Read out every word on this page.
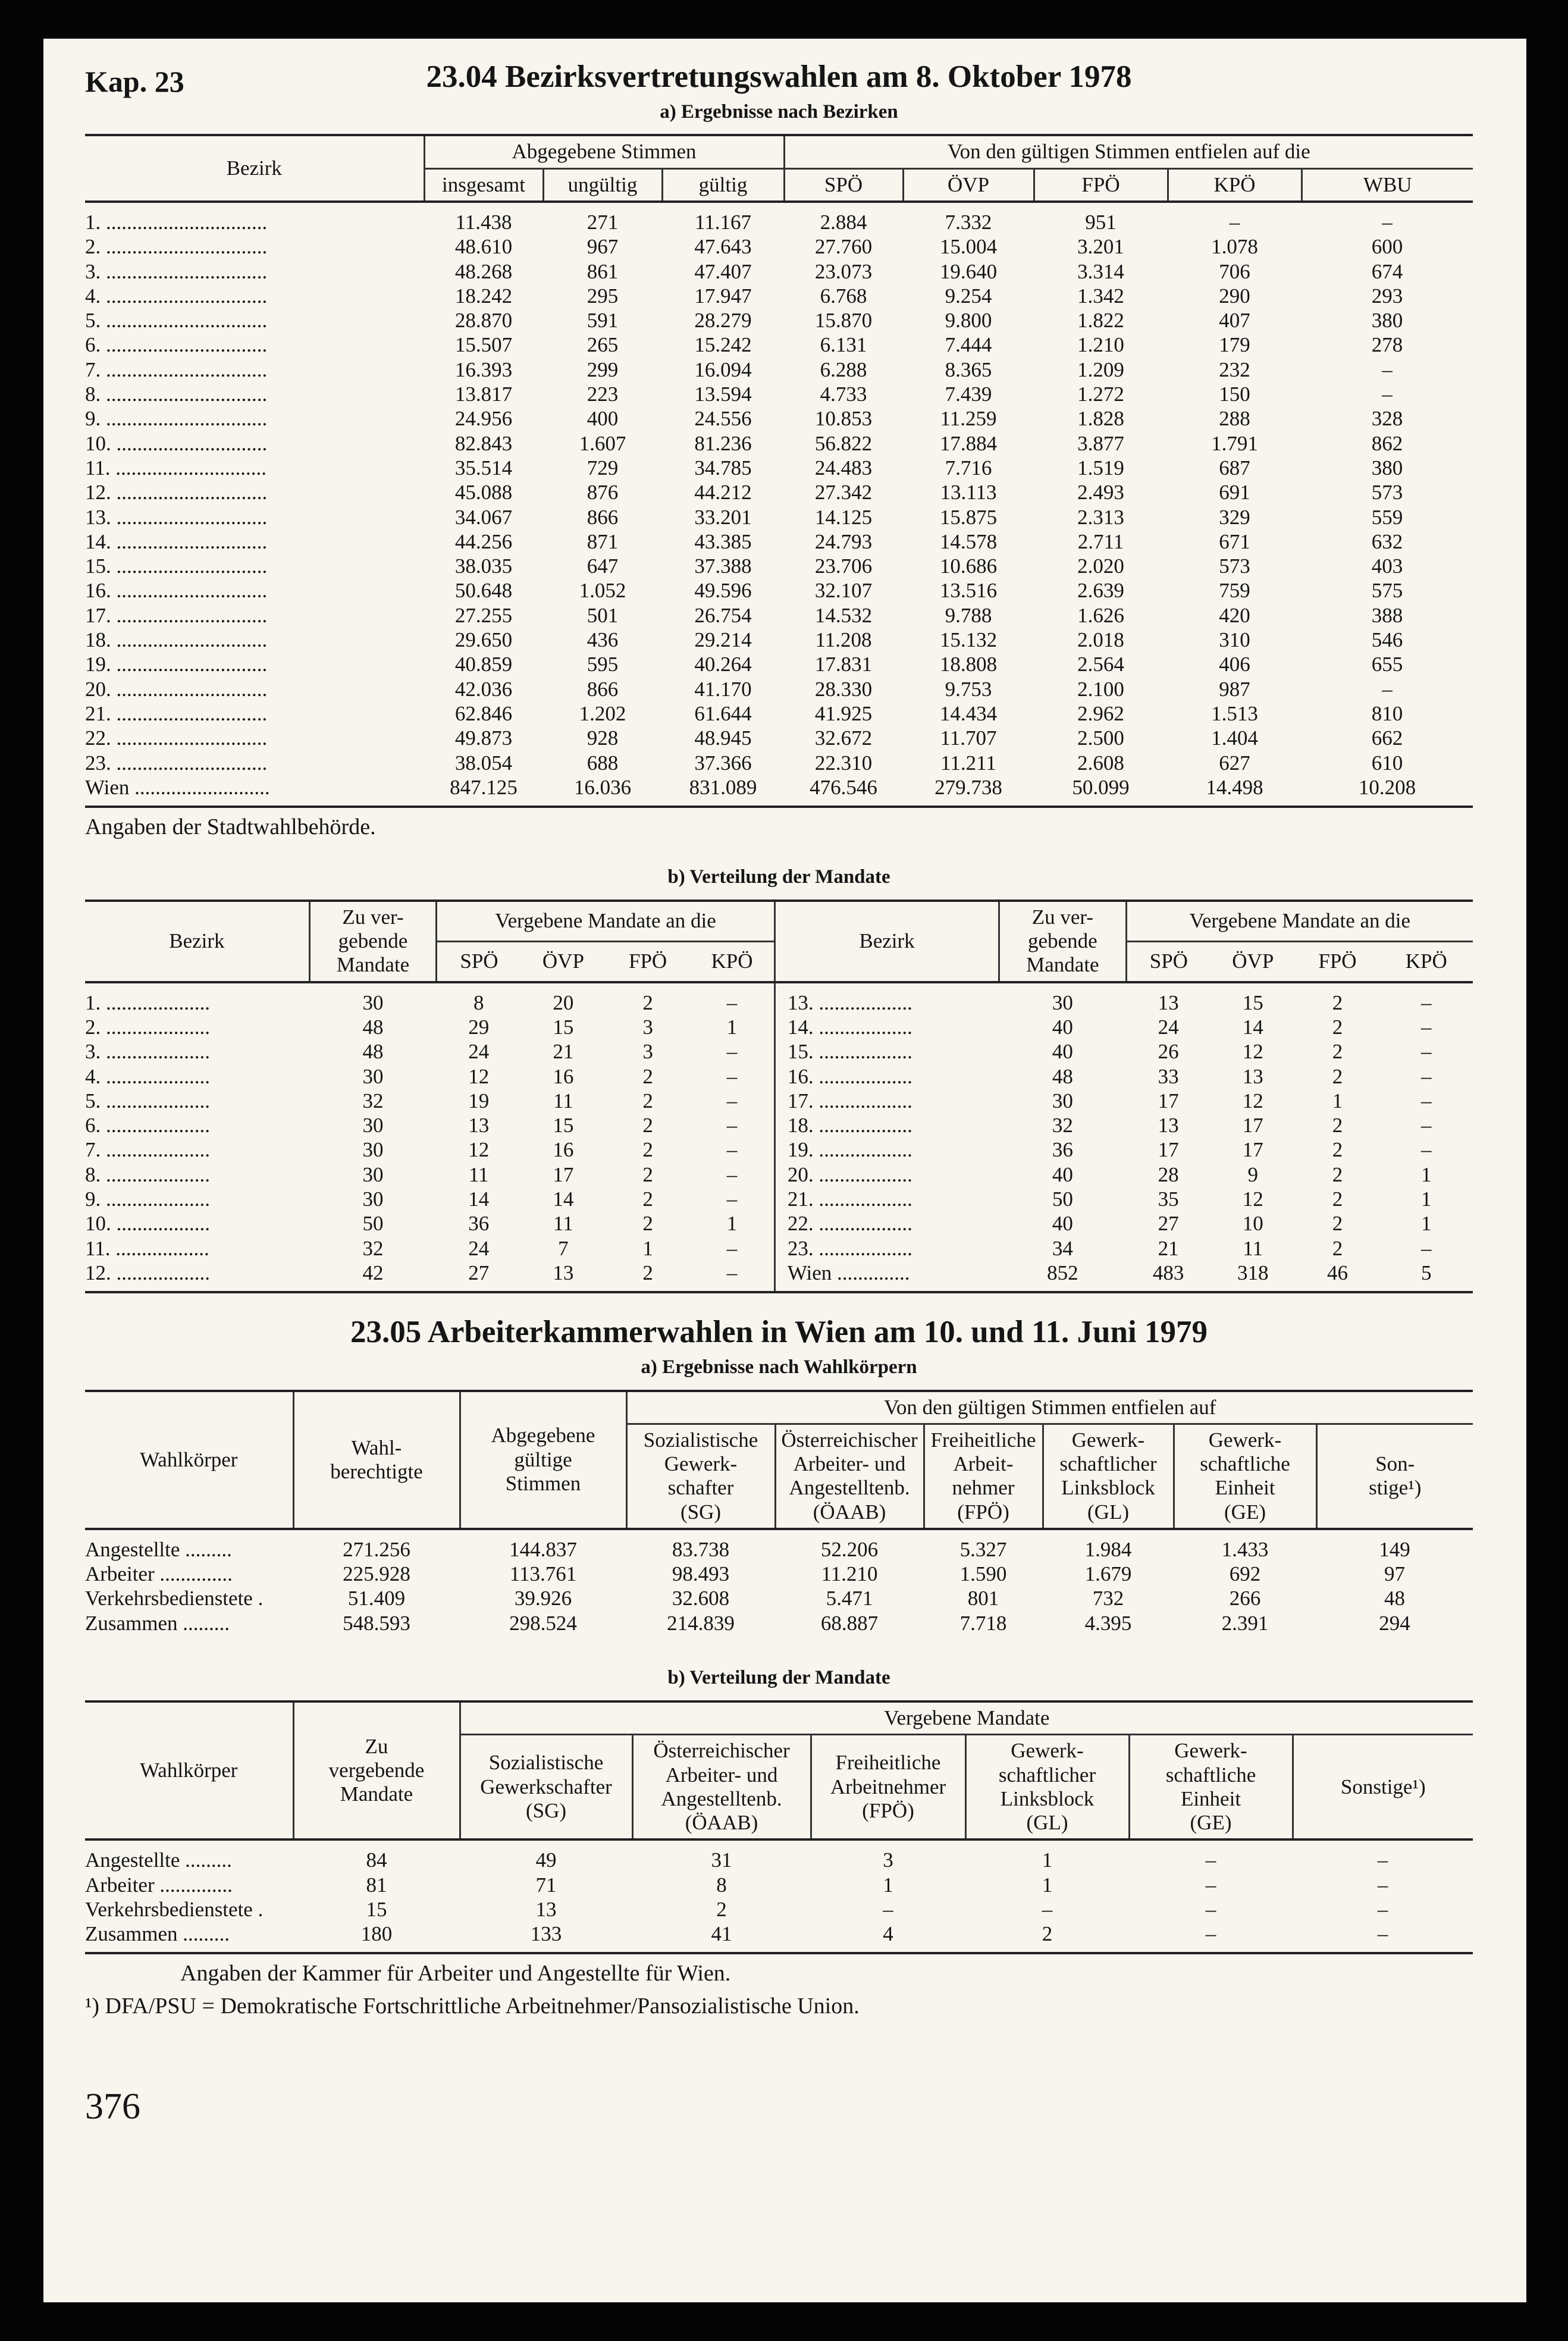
Kap. 23	23.04 Bezirksvertretungswahlen am 8. Oktober 1978
a) Ergebnisse nach Bezirken
Bezirk	Abgegebene Stimmen			Von den gültigen Stimmen entfielen auf die				
	insgesamt	ungültig	gültig	SPÖ	ÖVP	FPÖ	KPÖ	WBU
1. ...............................	11.438	271	11.167	2.884	7.332	951	–	–
2. ...............................	48.610	967	47.643	27.760	15.004	3.201	1.078	600
3. ...............................	48.268	861	47.407	23.073	19.640	3.314	706	674
4. ...............................	18.242	295	17.947	6.768	9.254	1.342	290	293
5. ...............................	28.870	591	28.279	15.870	9.800	1.822	407	380
6. ...............................	15.507	265	15.242	6.131	7.444	1.210	179	278
7. ...............................	16.393	299	16.094	6.288	8.365	1.209	232	–
8. ...............................	13.817	223	13.594	4.733	7.439	1.272	150	–
9. ...............................	24.956	400	24.556	10.853	11.259	1.828	288	328
10. .............................	82.843	1.607	81.236	56.822	17.884	3.877	1.791	862
11. .............................	35.514	729	34.785	24.483	7.716	1.519	687	380
12. .............................	45.088	876	44.212	27.342	13.113	2.493	691	573
13. .............................	34.067	866	33.201	14.125	15.875	2.313	329	559
14. .............................	44.256	871	43.385	24.793	14.578	2.711	671	632
15. .............................	38.035	647	37.388	23.706	10.686	2.020	573	403
16. .............................	50.648	1.052	49.596	32.107	13.516	2.639	759	575
17. .............................	27.255	501	26.754	14.532	9.788	1.626	420	388
18. .............................	29.650	436	29.214	11.208	15.132	2.018	310	546
19. .............................	40.859	595	40.264	17.831	18.808	2.564	406	655
20. .............................	42.036	866	41.170	28.330	9.753	2.100	987	–
21. .............................	62.846	1.202	61.644	41.925	14.434	2.962	1.513	810
22. .............................	49.873	928	48.945	32.672	11.707	2.500	1.404	662
23. .............................	38.054	688	37.366	22.310	11.211	2.608	627	610
Wien ..........................	847.125	16.036	831.089	476.546	279.738	50.099	14.498	10.208
Angaben der Stadtwahlbehörde.
b) Verteilung der Mandate
Bezirk	Zu ver-
gebende
Mandate	Vergebene Mandate an die				Bezirk	Zu ver-
gebende
Mandate	Vergebene Mandate an die			
		SPÖ	ÖVP	FPÖ	KPÖ			SPÖ	ÖVP	FPÖ	KPÖ
1. ....................	30	8	20	2	–	13. ..................	30	13	15	2	–
2. ....................	48	29	15	3	1	14. ..................	40	24	14	2	–
3. ....................	48	24	21	3	–	15. ..................	40	26	12	2	–
4. ....................	30	12	16	2	–	16. ..................	48	33	13	2	–
5. ....................	32	19	11	2	–	17. ..................	30	17	12	1	–
6. ....................	30	13	15	2	–	18. ..................	32	13	17	2	–
7. ....................	30	12	16	2	–	19. ..................	36	17	17	2	–
8. ....................	30	11	17	2	–	20. ..................	40	28	9	2	1
9. ....................	30	14	14	2	–	21. ..................	50	35	12	2	1
10. ..................	50	36	11	2	1	22. ..................	40	27	10	2	1
11. ..................	32	24	7	1	–	23. ..................	34	21	11	2	–
12. ..................	42	27	13	2	–	Wien ..............	852	483	318	46	5
23.05 Arbeiterkammerwahlen in Wien am 10. und 11. Juni 1979
a) Ergebnisse nach Wahlkörpern
Wahlkörper	Wahl-
berechtigte	Abgegebene
gültige
Stimmen	Von den gültigen Stimmen entfielen auf					
			Sozialistische
Gewerk-
schafter
(SG)	Österreichischer
Arbeiter- und
Angestelltenb.
(ÖAAB)	Freiheitliche
Arbeit-
nehmer
(FPÖ)	Gewerk-
schaftlicher
Linksblock
(GL)	Gewerk-
schaftliche
Einheit
(GE)	Son-
stige¹)
Angestellte .........	271.256	144.837	83.738	52.206	5.327	1.984	1.433	149
Arbeiter ..............	225.928	113.761	98.493	11.210	1.590	1.679	692	97
Verkehrsbedienstete .	51.409	39.926	32.608	5.471	801	732	266	48
Zusammen .........	548.593	298.524	214.839	68.887	7.718	4.395	2.391	294
b) Verteilung der Mandate
Wahlkörper	Zu
vergebende
Mandate	Vergebene Mandate					
		Sozialistische
Gewerkschafter
(SG)	Österreichischer
Arbeiter- und
Angestelltenb.
(ÖAAB)	Freiheitliche
Arbeitnehmer
(FPÖ)	Gewerk-
schaftlicher
Linksblock
(GL)	Gewerk-
schaftliche
Einheit
(GE)	Sonstige¹)
Angestellte .........	84	49	31	3	1	–	–
Arbeiter ..............	81	71	8	1	1	–	–
Verkehrsbedienstete .	15	13	2	–	–	–	–
Zusammen .........	180	133	41	4	2	–	–
Angaben der Kammer für Arbeiter und Angestellte für Wien.
¹) DFA/PSU = Demokratische Fortschrittliche Arbeitnehmer/Pansozialistische Union.
376
